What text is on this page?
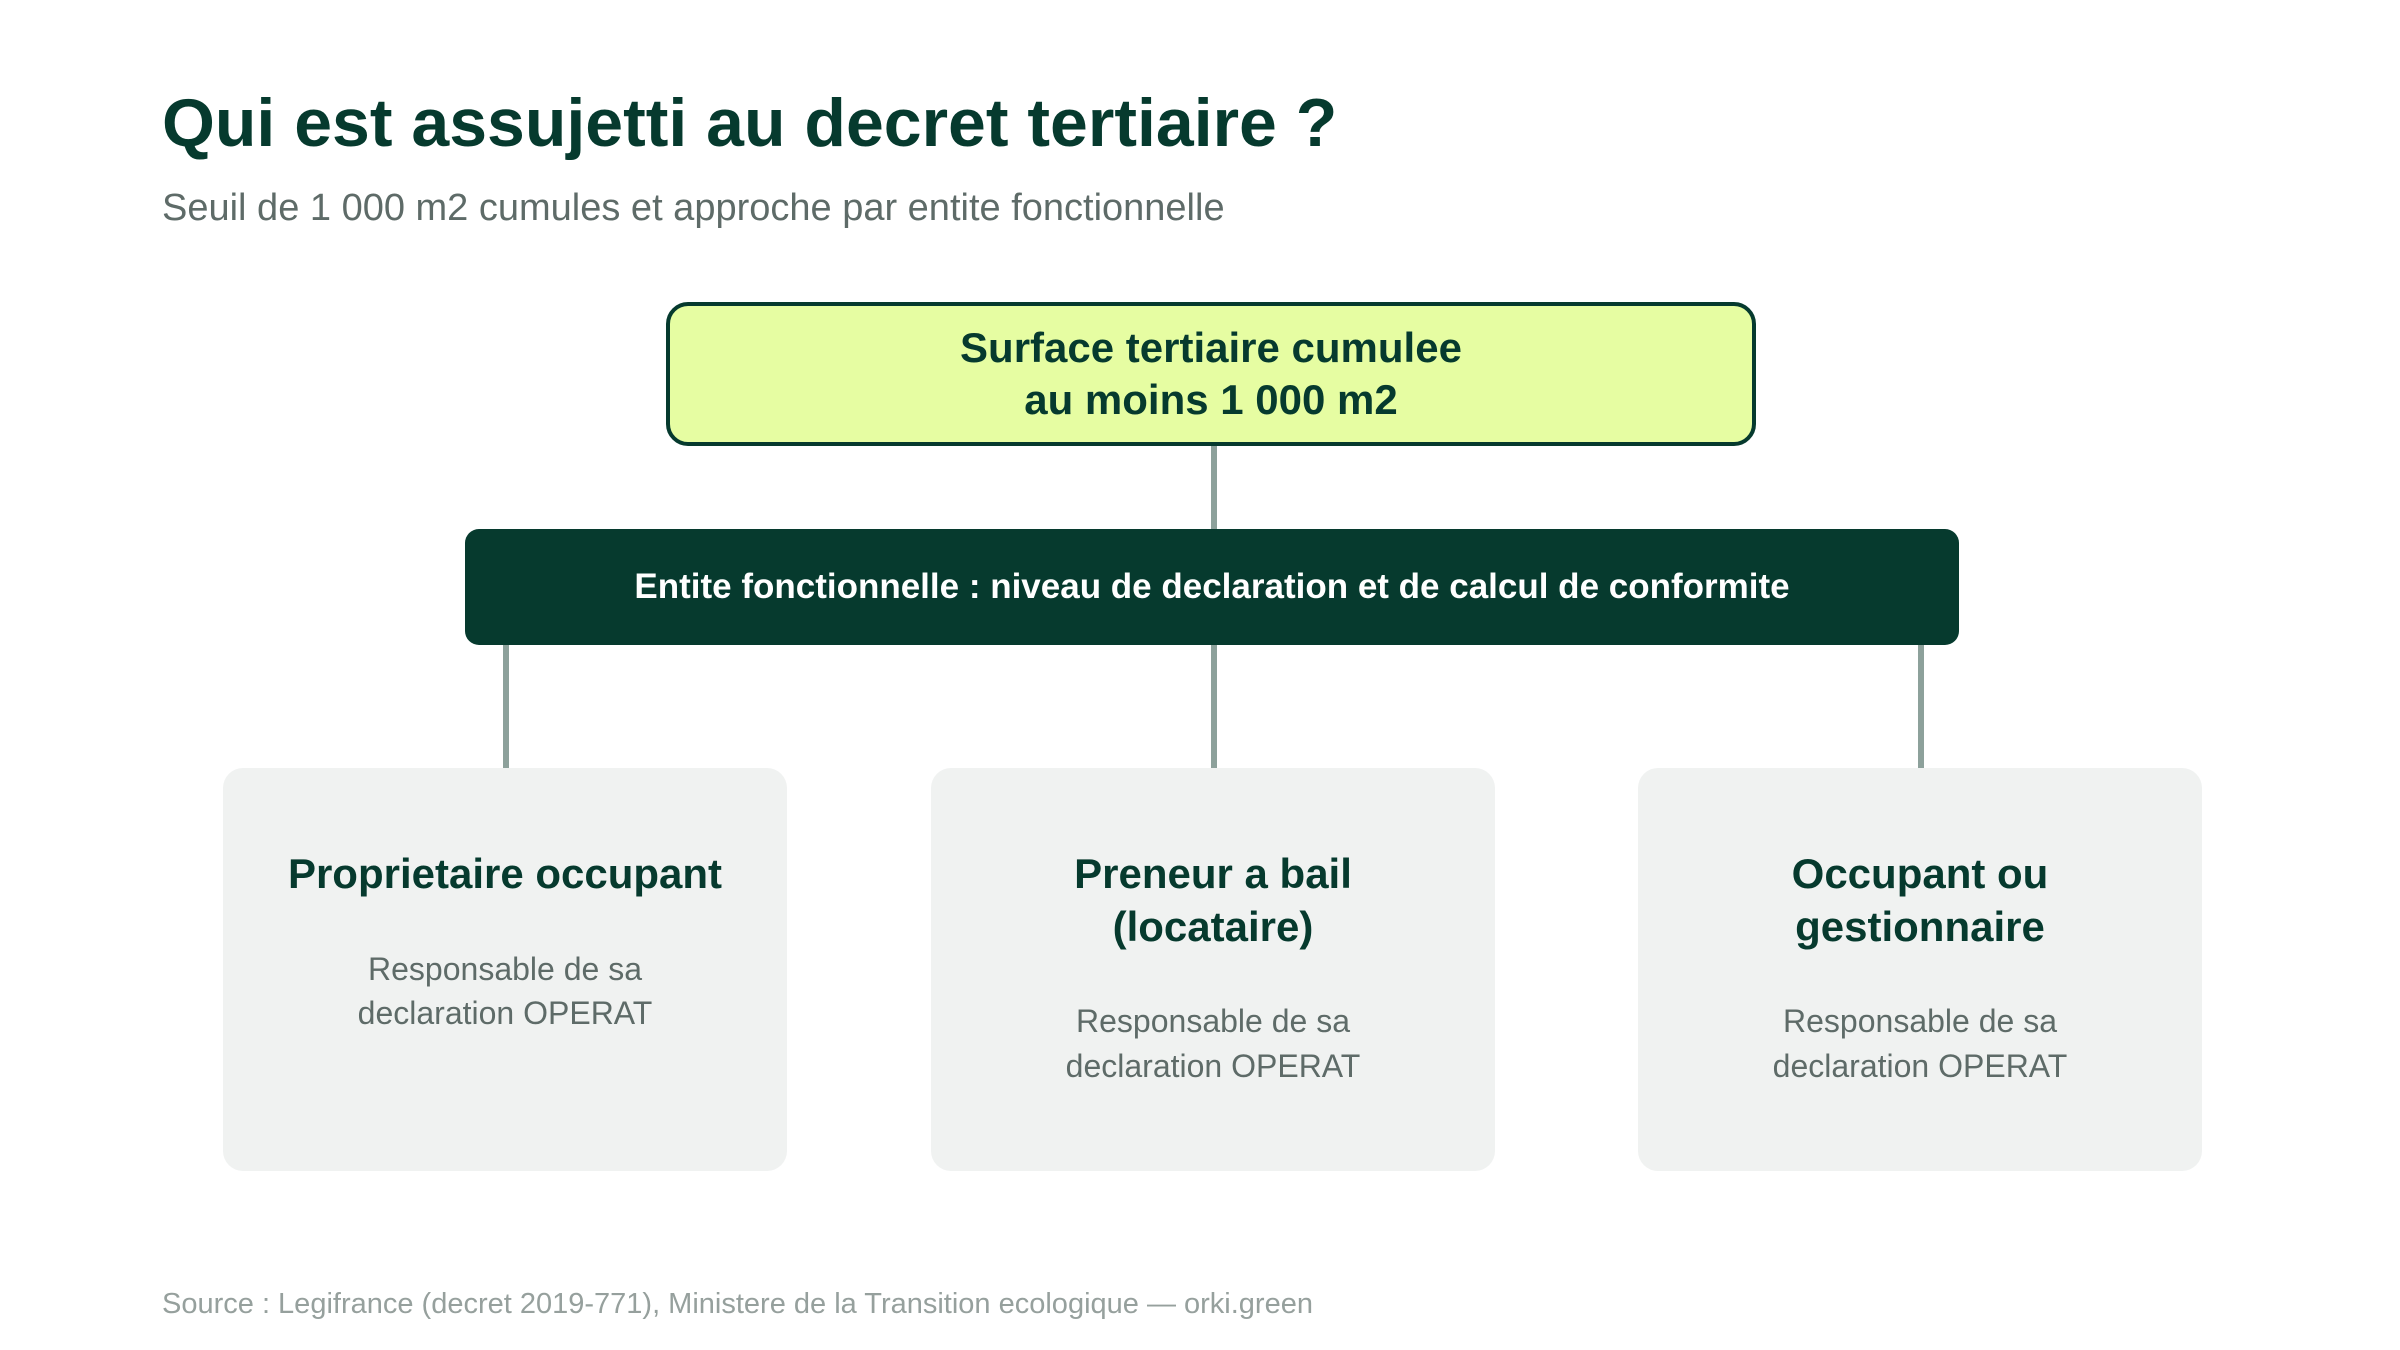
Qui est assujetti au decret tertiaire ?

Seuil de 1 000 m2 cumules et approche par entite fonctionnelle

Surface tertiaire cumulee
au moins 1 000 m2
Entite fonctionnelle : niveau de declaration et de calcul de conformite
Proprietaire occupant
Responsable de sa declaration OPERAT
Preneur a bail (locataire)
Responsable de sa declaration OPERAT
Occupant ou gestionnaire
Responsable de sa declaration OPERAT
Source : Legifrance (decret 2019-771), Ministere de la Transition ecologique — orki.green
